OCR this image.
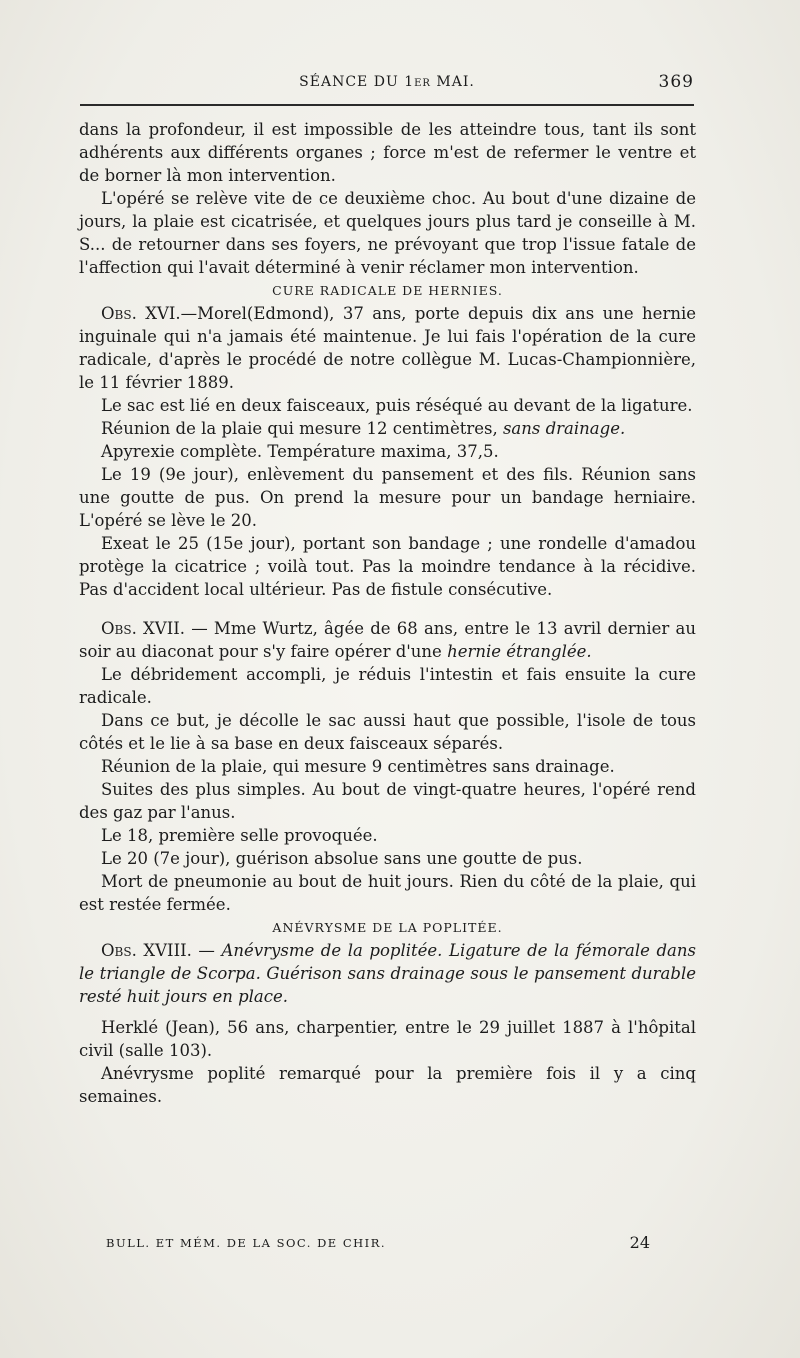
SÉANCE DU 1er MAI.	369

dans la profondeur, il est impossible de les atteindre tous, tant ils sont adhérents aux différents organes ; force m'est de refermer le ventre et de borner là mon intervention.

L'opéré se relève vite de ce deuxième choc. Au bout d'une dizaine de jours, la plaie est cicatrisée, et quelques jours plus tard je conseille à M. S... de retourner dans ses foyers, ne prévoyant que trop l'issue fatale de l'affection qui l'avait déterminé à venir réclamer mon intervention.

CURE RADICALE DE HERNIES.

Obs. XVI.—Morel(Edmond), 37 ans, porte depuis dix ans une hernie inguinale qui n'a jamais été maintenue. Je lui fais l'opération de la cure radicale, d'après le procédé de notre collègue M. Lucas-Championnière, le 11 février 1889.

Le sac est lié en deux faisceaux, puis réséqué au devant de la ligature.

Réunion de la plaie qui mesure 12 centimètres, sans drainage.

Apyrexie complète. Température maxima, 37,5.

Le 19 (9e jour), enlèvement du pansement et des fils. Réunion sans une goutte de pus. On prend la mesure pour un bandage herniaire. L'opéré se lève le 20.

Exeat le 25 (15e jour), portant son bandage ; une rondelle d'amadou protège la cicatrice ; voilà tout. Pas la moindre tendance à la récidive. Pas d'accident local ultérieur. Pas de fistule consécutive.

Obs. XVII. — Mme Wurtz, âgée de 68 ans, entre le 13 avril dernier au soir au diaconat pour s'y faire opérer d'une hernie étranglée.

Le débridement accompli, je réduis l'intestin et fais ensuite la cure radicale.

Dans ce but, je décolle le sac aussi haut que possible, l'isole de tous côtés et le lie à sa base en deux faisceaux séparés.

Réunion de la plaie, qui mesure 9 centimètres sans drainage.

Suites des plus simples. Au bout de vingt-quatre heures, l'opéré rend des gaz par l'anus.

Le 18, première selle provoquée.

Le 20 (7e jour), guérison absolue sans une goutte de pus.

Mort de pneumonie au bout de huit jours. Rien du côté de la plaie, qui est restée fermée.

ANÉVRYSME DE LA POPLITÉE.

Obs. XVIII. — Anévrysme de la poplitée. Ligature de la fémorale dans le triangle de Scorpa. Guérison sans drainage sous le pansement durable resté huit jours en place.

Herklé (Jean), 56 ans, charpentier, entre le 29 juillet 1887 à l'hôpital civil (salle 103).

Anévrysme poplité remarqué pour la première fois il y a cinq semaines.

BULL. ET MÉM. DE LA SOC. DE CHIR.	24
